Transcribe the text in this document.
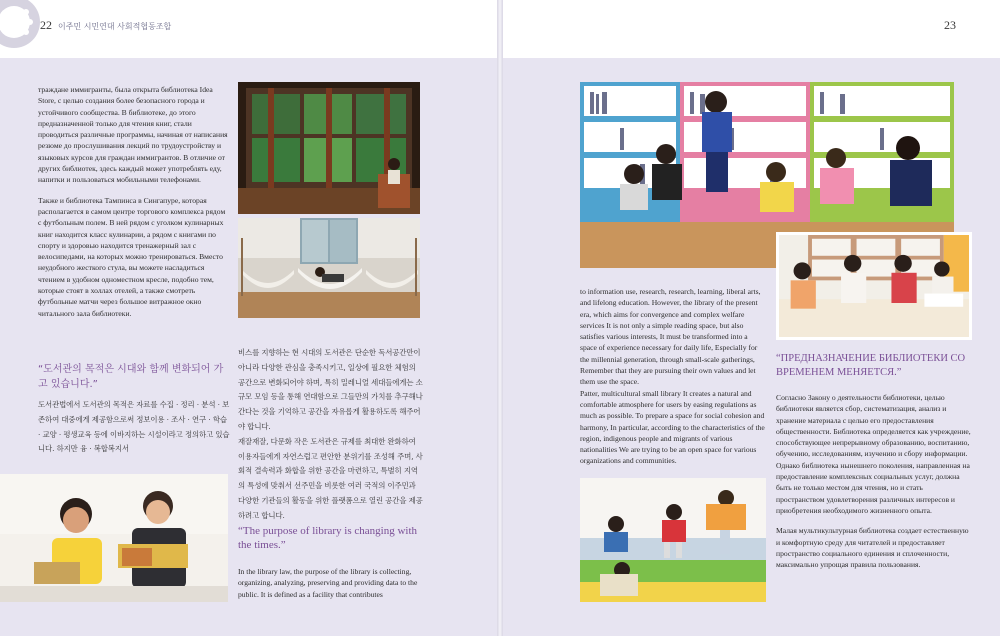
22 이주민 시민연대 사회적협동조합

траждане иммигранты, была открыта библиотека Idea Store, с целью создания более безопасного города и устойчивого сообщества. В библиотеке, до этого предназначенной только для чтения книг, стали проводиться различные программы, начиная от написания резюме до прослушивания лекций по трудоустройству и языковых курсов для граждан иммигрантов. В отличие от других библиотек, здесь каждый может употреблять еду, напитки и пользоваться мобильными телефонами.

Также и библиотека Тампинса в Сингапуре, которая располагается в самом центре торгового комплекса рядом с футбольным полем. В ней рядом с уголком кулинарных книг находится класс кулинарии, а рядом с книгами по спорту и здоровью находится тренажерный зал с велосипедами, на которых можно тренироваться. Вместо неудобного жесткого стула, вы можете насладиться чтением в удобном одноместном кресле, подобно тем, которые стоят в холлах отелей, а также смотреть футбольные матчи через большое витражное окно читального зала библиотеки.

“도서관의 목적은 시대와 함께 변화되어 가고 있습니다.”
도서관법에서 도서관의 목적은 자료를 수집 · 정리 · 분석 · 보존하여 대중에게 제공함으로써 정보이용 · 조사 · 연구 · 학습 · 교양 · 평생교육 등에 이바지하는 시설이라고 정의하고 있습니다. 하지만 융 · 복합복지서
비스를 지향하는 현 시대의 도서관은 단순한 독서공간만이 아니라 다양한 관심을 충족시키고, 일상에 필요한 체험의 공간으로 변화되어야 하며, 특히 밀레니얼 세대들에게는 소규모 모임 등을 통해 연대함으로 그들만의 가치를 추구해나간다는 것을 기억하고 공간을 자유롭게 활용하도록 해주어야 합니다.
재잘재잘, 다문화 작은 도서관은 규제를 최대한 완화하여 이용자들에게 자연스럽고 편안한 분위기를 조성해 주며, 사회적 결속력과 화합을 위한 공간을 마련하고, 특별히 지역의 특성에 맞춰서 선주민을 비롯한 여러 국적의 이주민과 다양한 기관들의 활동을 위한 플랫폼으로 열린 공간을 제공하려고 합니다.
“The purpose of library is changing with the times.”
In the library law, the purpose of the library is collecting, organizing, analyzing, preserving and providing data to the public. It is defined as a facility that contributes
23
to information use, research, research, learning, liberal arts, and lifelong education. However, the library of the present era, which aims for convergence and complex welfare services It is not only a simple reading space, but also satisfies various interests, It must be transformed into a space of experience necessary for daily life, Especially for the millennial generation, through small-scale gatherings, Remember that they are pursuing their own values and let them use the space.
Patter, multicultural small library It creates a natural and comfortable atmosphere for users by easing regulations as much as possible. To prepare a space for social cohesion and harmony, In particular, according to the characteristics of the region, indigenous people and migrants of various nationalities We are trying to be an open space for various organizations and communities.
“ПРЕДНАЗНАЧЕНИЕ БИБЛИОТЕКИ СО ВРЕМЕНЕМ МЕНЯЕТСЯ.”

Согласно Закону о деятельности библиотеки, целью библиотеки является сбор, систематизация, анализ и хранение материала с целью его предоставления общественности. Библиотека определяется как учреждение, способствующее непрерывному образованию, воспитанию, обучению, исследованиям, изучению и сбору информации. Однако библиотека нынешнего поколения, направленная на предоставление комплексных социальных услуг, должна быть не только местом для чтения, но и стать пространством удовлетворения различных интересов и приобретения необходимого жизненного опыта.

Малая мультикультурная библиотека создает естественную и комфортную среду для читателей и предоставляет пространство социального единения и сплоченности, максимально упрощая правила пользования.
